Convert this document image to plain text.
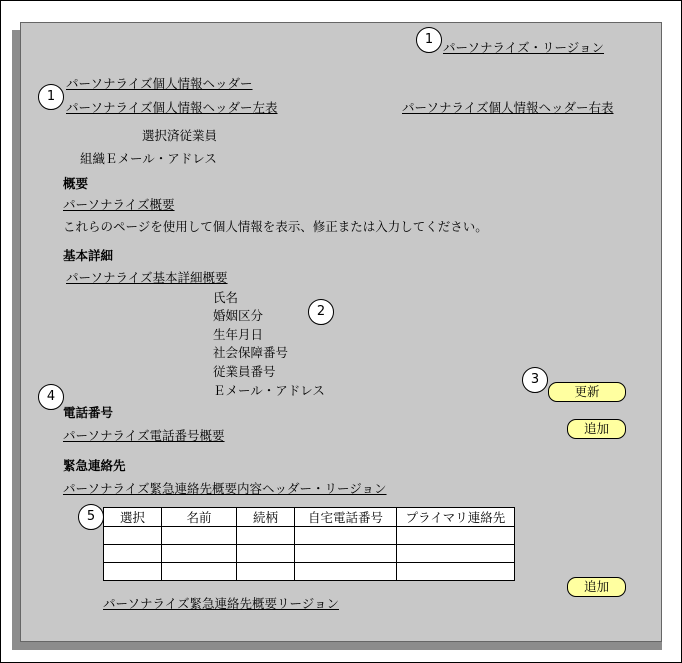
1
パーソナライズ・リージョン
1
パーソナライズ個人情報ヘッダー
パーソナライズ個人情報ヘッダー左表	パーソナライズ個人情報ヘッダー右表
選択済従業員
組織Ｅメール・アドレス
概要
パーソナライズ概要
これらのページを使用して個人情報を表示、修正または入力してください。
基本詳細
パーソナライズ基本詳細概要
氏名
婚姻区分
生年月日
社会保障番号
従業員番号
Ｅメール・アドレス
2
3
更新
4
電話番号
パーソナライズ電話番号概要	追加
緊急連絡先
パーソナライズ緊急連絡先概要内容ヘッダー・リージョン
5	選択	名前	続柄	自宅電話番号	プライマリ連絡先

追加
パーソナライズ緊急連絡先概要リージョン
